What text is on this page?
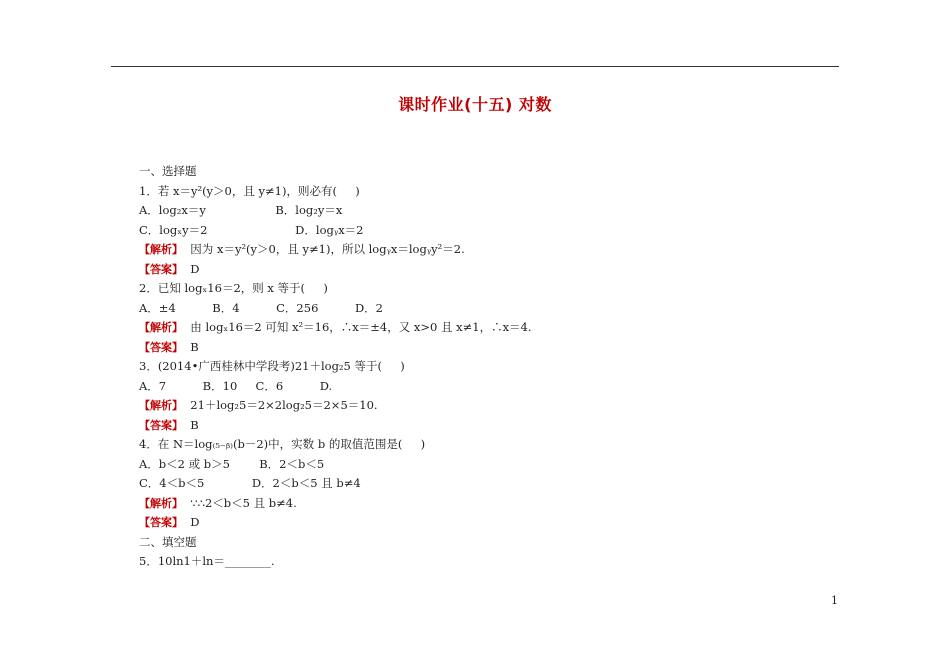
课时作业(十五) 对数
一、选择题
1．若 x＝y²(y＞0，且 y≠1)，则必有(     )
A．log₂x＝y                   B．log₂y＝x
C．logₓy＝2                        D．logᵧx＝2
【解析】  因为 x＝y²(y＞0，且 y≠1)，所以 logᵧx＝logᵧy²＝2.
【答案】  D
2．已知 logₓ16＝2，则 x 等于(     )
A．±4          B．4          C．256          D．2
【解析】  由 logₓ16＝2 可知 x²＝16，∴x＝±4，又 x>0 且 x≠1，∴x＝4.
【答案】  B
3．(2014•广西桂林中学段考)21＋log₂5 等于(     )
A．7          B．10     C．6          D.
【解析】  21＋log₂5＝2×2log₂5＝2×5＝10.
【答案】  B
4．在 N＝log₍₅₋ᵦ₎(b－2)中，实数 b 的取值范围是(     )
A．b＜2 或 b＞5        B．2＜b＜5
C．4＜b＜5             D．2＜b＜5 且 b≠4
【解析】  ∵∴2＜b＜5 且 b≠4.
【答案】  D
二、填空题
5．10ln1＋ln＝________.
1
